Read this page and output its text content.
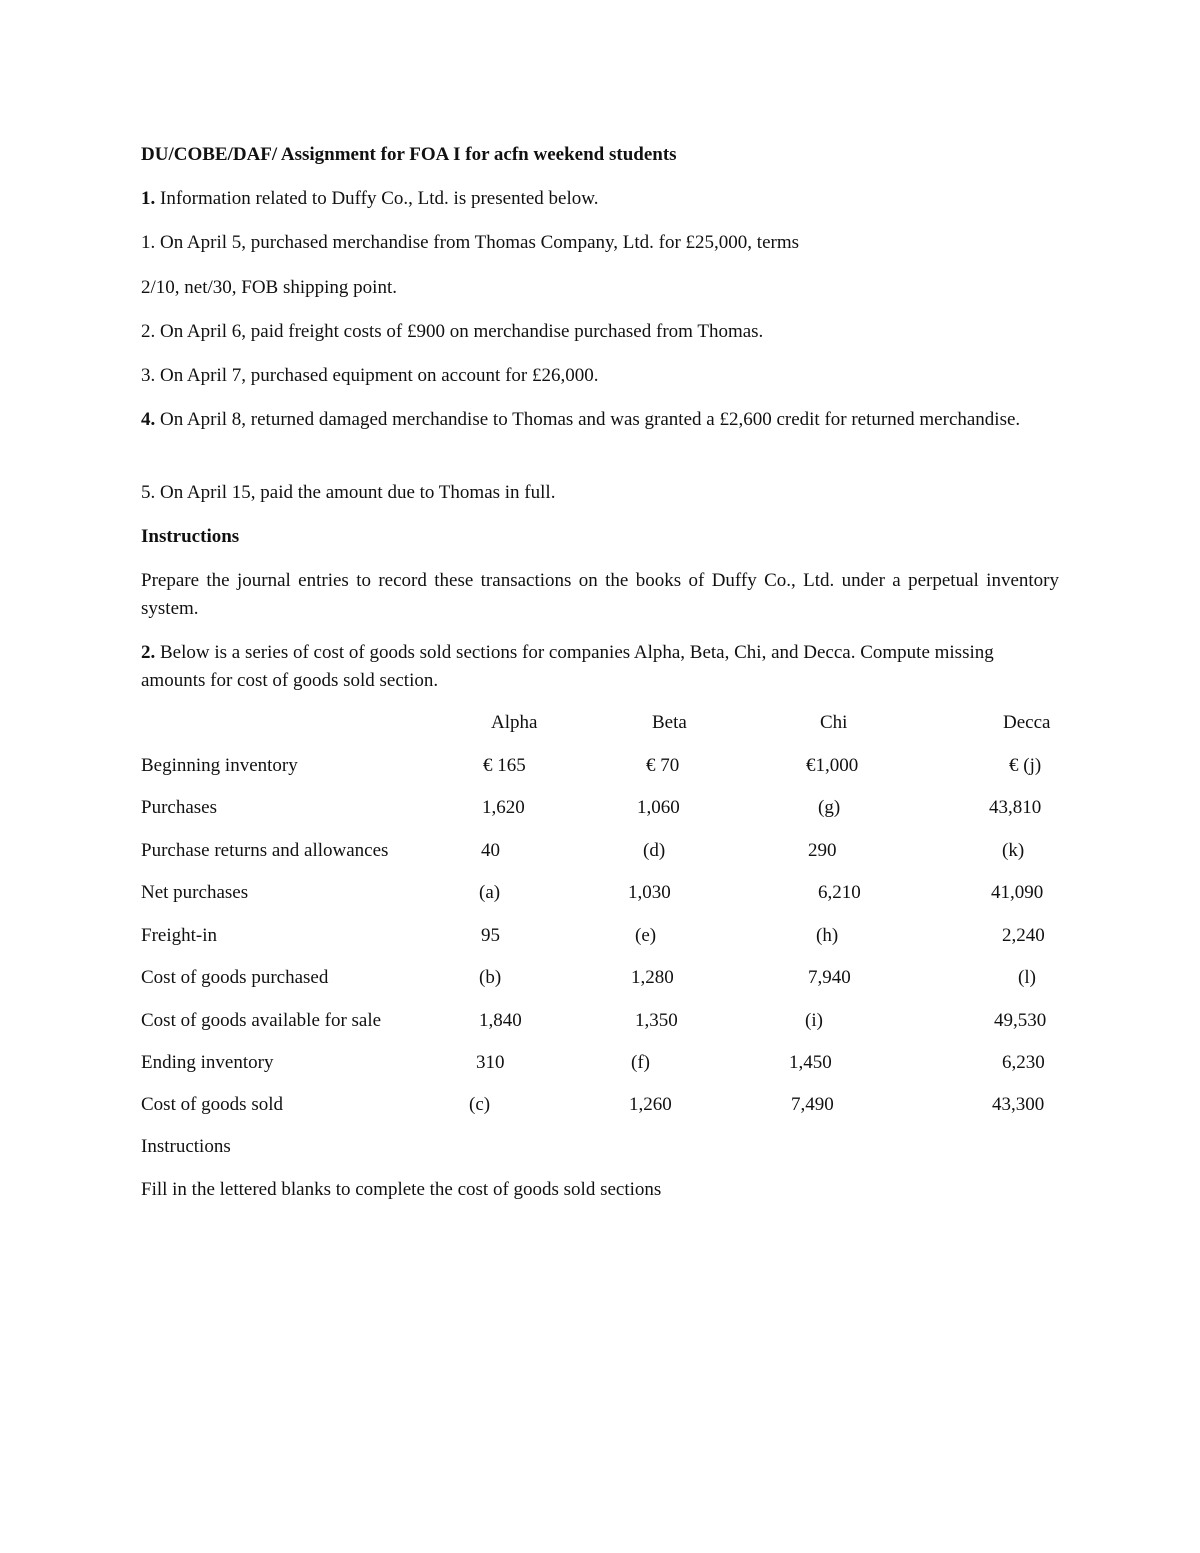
DU/COBE/DAF/ Assignment for FOA I for acfn weekend students
1. Information related to Duffy Co., Ltd. is presented below.
1. On April 5, purchased merchandise from Thomas Company, Ltd. for £25,000, terms
2/10, net/30, FOB shipping point.
2. On April 6, paid freight costs of £900 on merchandise purchased from Thomas.
3. On April 7, purchased equipment on account for £26,000.
4. On April 8, returned damaged merchandise to Thomas and was granted a £2,600 credit for returned merchandise.
5. On April 15, paid the amount due to Thomas in full.
Instructions
Prepare the journal entries to record these transactions on the books of Duffy Co., Ltd. under a perpetual inventory system.
2. Below is a series of cost of goods sold sections for companies Alpha, Beta, Chi, and Decca. Compute missing amounts for cost of goods sold section.
Alpha	Beta	Chi	Decca
Beginning inventory	€ 165	€ 70	€1,000	€ (j)
Purchases	1,620	1,060	(g)	43,810
Purchase returns and allowances	40	(d)	290	(k)
Net purchases	(a)	1,030	6,210	41,090
Freight-in	95	(e)	(h)	2,240
Cost of goods purchased	(b)	1,280	7,940	(l)
Cost of goods available for sale	1,840	1,350	(i)	49,530
Ending inventory	310	(f)	1,450	6,230
Cost of goods sold	(c)	1,260	7,490	43,300
Instructions
Fill in the lettered blanks to complete the cost of goods sold sections
